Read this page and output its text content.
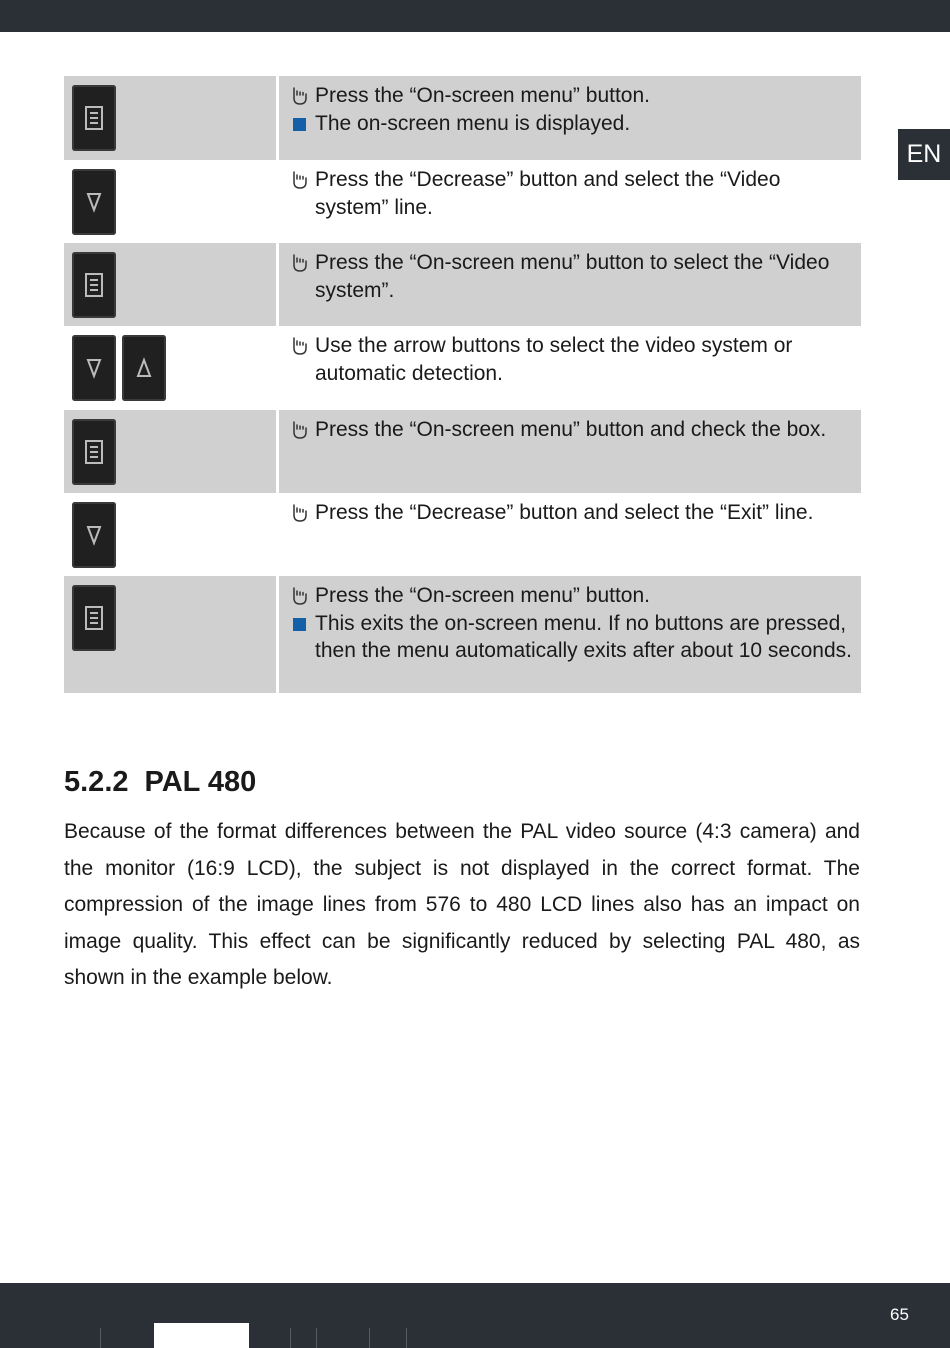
EN

Press the “On-screen menu” button.
The on-screen menu is displayed.

Press the “Decrease” button and select the “Video system” line.

Press the “On-screen menu” button to select the “Video system”.

Use the arrow buttons to select the video system or automatic detection.

Press the “On-screen menu” button and check the box.

Press the “Decrease” button and select the “Exit” line.

Press the “On-screen menu” button.
This exits the on-screen menu. If no buttons are pressed, then the menu automatically exits after about 10 seconds.
5.2.2 PAL 480

Because of the format differences between the PAL video source (4:3 camera) and the monitor (16:9 LCD), the subject is not displayed in the correct format. The compression of the image lines from 576 to 480 LCD lines also has an impact on image quality. This effect can be significantly reduced by selecting PAL 480, as shown in the example below.

65
